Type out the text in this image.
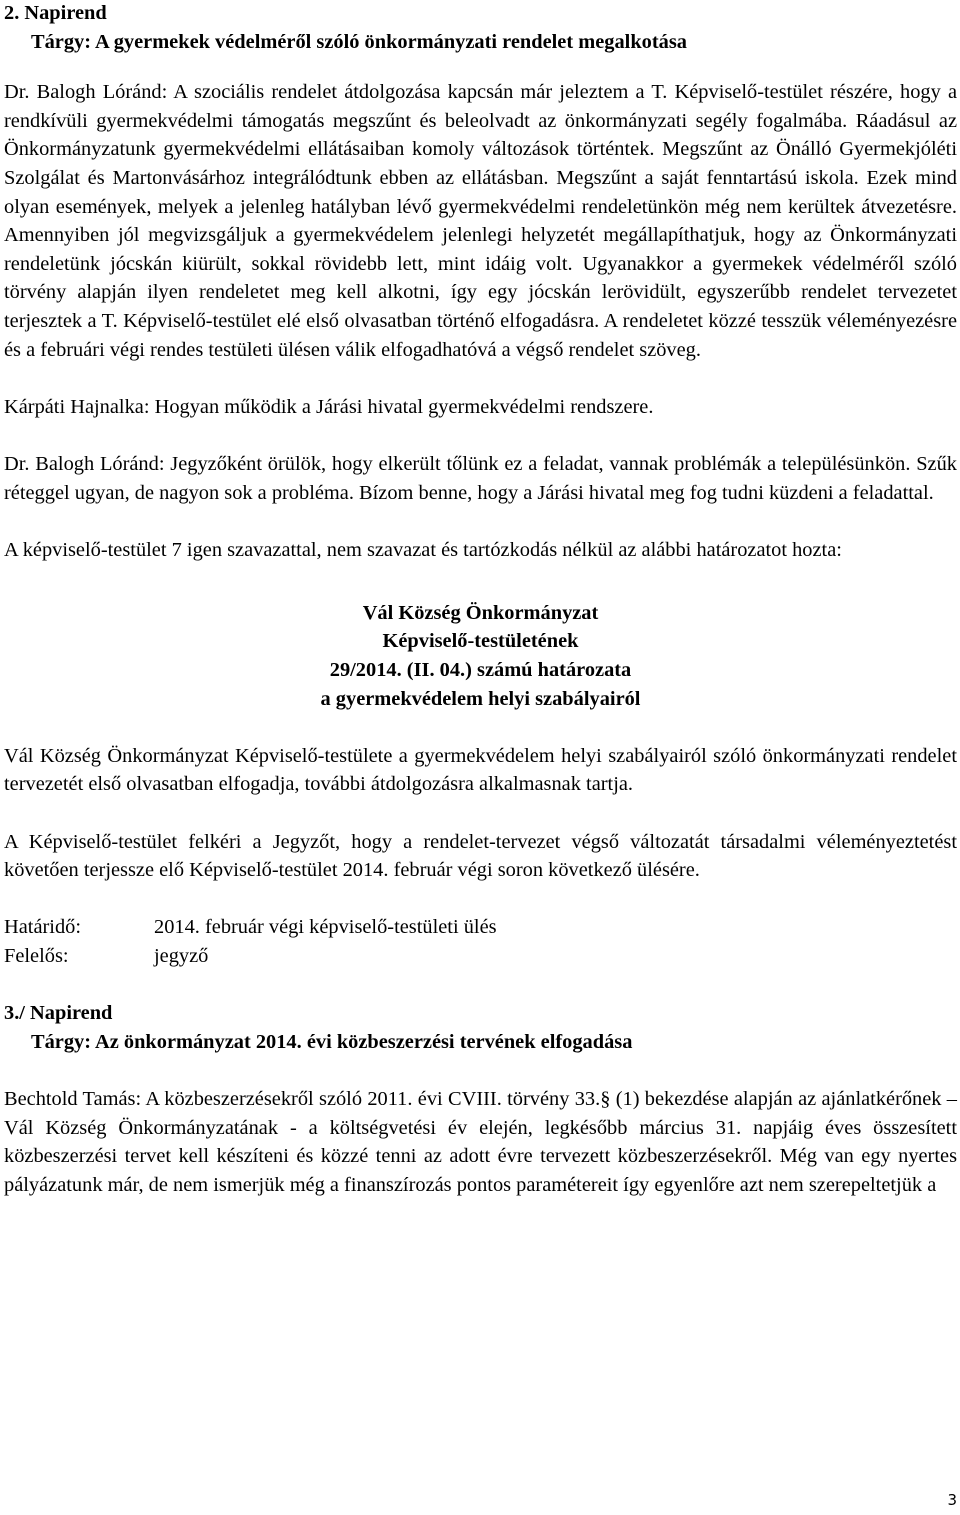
2. Napirend

Tárgy: A gyermekek védelméről szóló önkormányzati rendelet megalkotása

Dr. Balogh Lóránd: A szociális rendelet átdolgozása kapcsán már jeleztem a T. Képviselő-testület részére, hogy a rendkívüli gyermekvédelmi támogatás megszűnt és beleolvadt az önkormányzati segély fogalmába. Ráadásul az Önkormányzatunk gyermekvédelmi ellátásaiban komoly változások történtek. Megszűnt az Önálló Gyermekjóléti Szolgálat és Martonvásárhoz integrálódtunk ebben az ellátásban. Megszűnt a saját fenntartású iskola. Ezek mind olyan események, melyek a jelenleg hatályban lévő gyermekvédelmi rendeletünkön még nem kerültek átvezetésre. Amennyiben jól megvizsgáljuk a gyermekvédelem jelenlegi helyzetét megállapíthatjuk, hogy az Önkormányzati rendeletünk jócskán kiürült, sokkal rövidebb lett, mint idáig volt. Ugyanakkor a gyermekek védelméről szóló törvény alapján ilyen rendeletet meg kell alkotni, így egy jócskán lerövidült, egyszerűbb rendelet tervezetet terjesztek a T. Képviselő-testület elé első olvasatban történő elfogadásra. A rendeletet közzé tesszük véleményezésre és a februári végi rendes testületi ülésen válik elfogadhatóvá a végső rendelet szöveg.

Kárpáti Hajnalka: Hogyan működik a Járási hivatal gyermekvédelmi rendszere.

Dr. Balogh Lóránd: Jegyzőként örülök, hogy elkerült tőlünk ez a feladat, vannak problémák a településünkön. Szűk réteggel ugyan, de nagyon sok a probléma. Bízom benne, hogy a Járási hivatal meg fog tudni küzdeni a feladattal.

A képviselő-testület 7 igen szavazattal, nem szavazat és tartózkodás nélkül az alábbi határozatot hozta:

Vál Község Önkormányzat

Képviselő-testületének

29/2014. (II. 04.) számú határozata

a gyermekvédelem helyi szabályairól

Vál Község Önkormányzat Képviselő-testülete a gyermekvédelem helyi szabályairól szóló önkormányzati rendelet tervezetét első olvasatban elfogadja, további átdolgozásra alkalmasnak tartja.

A Képviselő-testület felkéri a Jegyzőt, hogy a rendelet-tervezet végső változatát társadalmi véleményeztetést követően terjessze elő Képviselő-testület 2014. február végi soron következő ülésére.

Határidő:	2014. február végi képviselő-testületi ülés
Felelős:	jegyző

3./ Napirend

Tárgy: Az önkormányzat 2014. évi közbeszerzési tervének elfogadása

Bechtold Tamás: A közbeszerzésekről szóló 2011. évi CVIII. törvény 33.§ (1) bekezdése alapján az ajánlatkérőnek – Vál Község Önkormányzatának - a költségvetési év elején, legkésőbb március 31. napjáig éves összesített közbeszerzési tervet kell készíteni és közzé tenni az adott évre tervezett közbeszerzésekről. Még van egy nyertes pályázatunk már, de nem ismerjük még a finanszírozás pontos paramétereit így egyenlőre azt nem szerepeltetjük a

3
